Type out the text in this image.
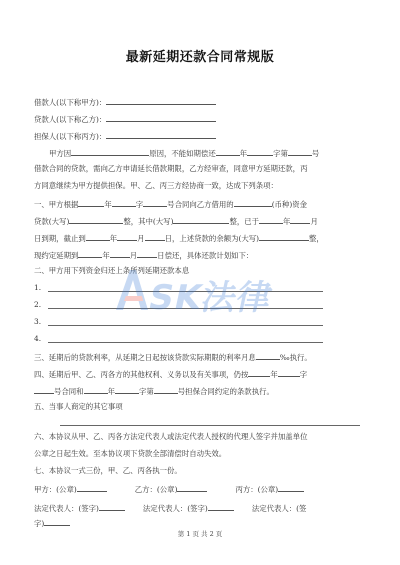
最新延期还款合同常规版
借款人(以下称甲方)：
贷款人(以下称乙方)：
担保人(以下称丙方)：
甲方因	原因，不能如期偿还	年	字第	号
借款合同的贷款，需向乙方申请延长借款期限，乙方经审查，同意甲方延期还款，丙
方同意继续为甲方提供担保。甲、乙、丙三方经协商一致，达成下列条项：
一、甲方根据	年	字	号合同向乙方借用的	(币种)资金
贷款(大写)	整，其中(大写)	整，已于	年	月
日到期，截止到	年	月	日，上述贷款的余额为(大写)	整，
现约定延期到	年	月	日偿还，具体还款计划如下：
二、甲方用下列资金归还上条所列延期还款本息
1.
2.
3.
4.
三、延期后的贷款利率，从延期之日起按该贷款实际期限的利率月息	‰执行。
四、延期后甲、乙、丙各方的其他权利、义务以及有关事项，仍按	年	字
号合同和	年	字第	号担保合同约定的条款执行。
五、当事人商定的其它事项
六、本协议从甲、乙、丙各方法定代表人或法定代表人授权的代理人签字并加盖单位
公章之日起生效。至本协议项下贷款全部清偿时自动失效。
七、本协议一式三份，甲、乙、丙各执一份。
甲方：(公章)	乙方：(公章)	丙方：(公章)
法定代表人：(签字)	法定代表人：(签字)	法定代表人：(签
字)
第 1 页 共 2 页
SK法律
